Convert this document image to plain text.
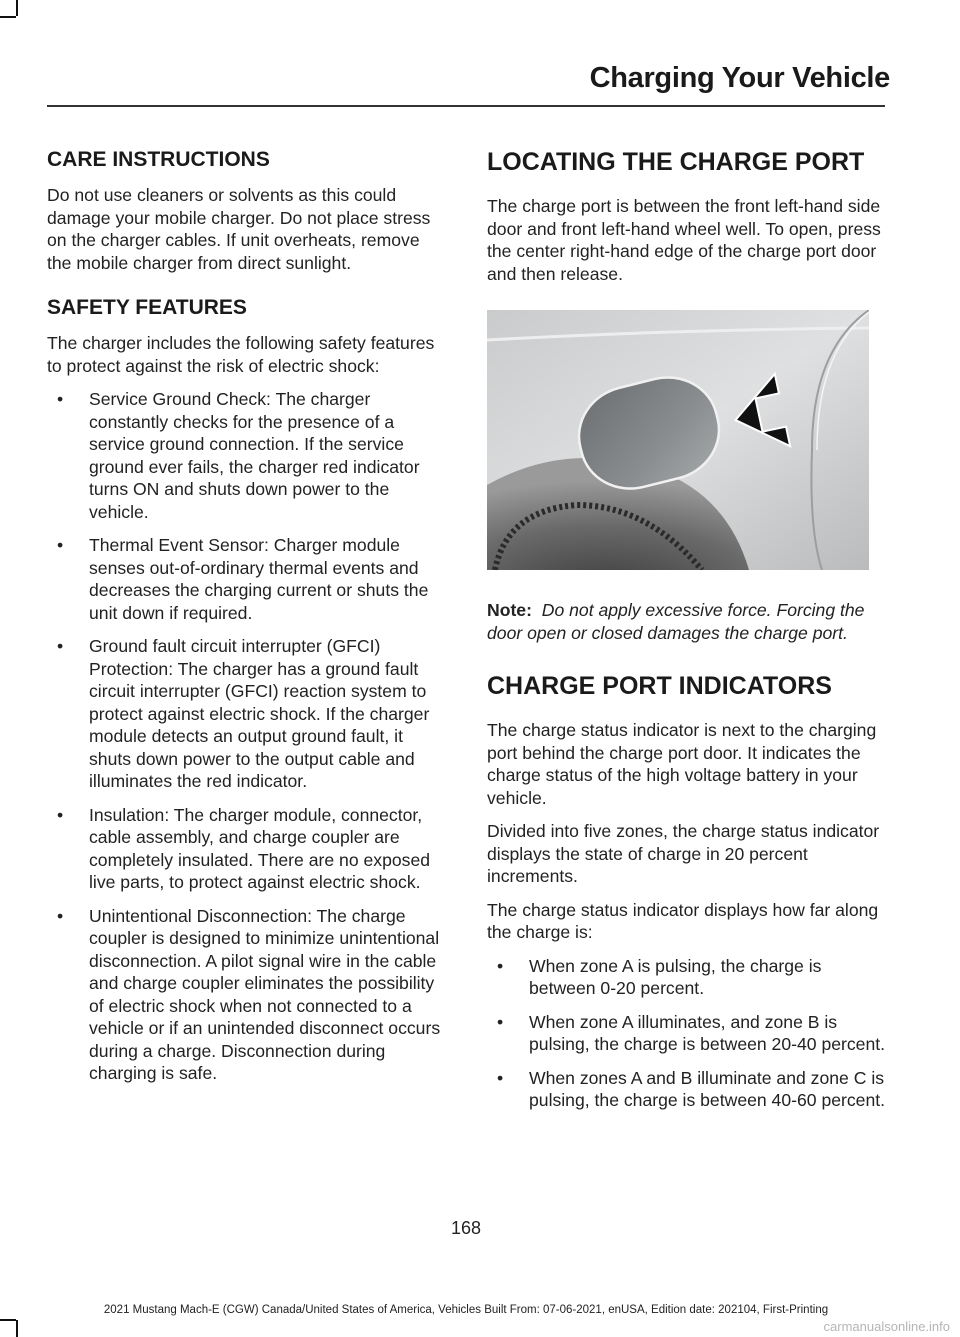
Charging Your Vehicle
CARE INSTRUCTIONS

Do not use cleaners or solvents as this could damage your mobile charger. Do not place stress on the charger cables. If unit overheats, remove the mobile charger from direct sunlight.

SAFETY FEATURES

The charger includes the following safety features to protect against the risk of electric shock:

• Service Ground Check: The charger constantly checks for the presence of a service ground connection. If the service ground ever fails, the charger red indicator turns ON and shuts down power to the vehicle.
• Thermal Event Sensor: Charger module senses out-of-ordinary thermal events and decreases the charging current or shuts the unit down if required.
• Ground fault circuit interrupter (GFCI) Protection: The charger has a ground fault circuit interrupter (GFCI) reaction system to protect against electric shock. If the charger module detects an output ground fault, it shuts down power to the output cable and illuminates the red indicator.
• Insulation: The charger module, connector, cable assembly, and charge coupler are completely insulated. There are no exposed live parts, to protect against electric shock.
• Unintentional Disconnection: The charge coupler is designed to minimize unintentional disconnection. A pilot signal wire in the cable and charge coupler eliminates the possibility of electric shock when not connected to a vehicle or if an unintended disconnect occurs during a charge. Disconnection during charging is safe.
LOCATING THE CHARGE PORT

The charge port is between the front left-hand side door and front left-hand wheel well. To open, press the center right-hand edge of the charge port door and then release.

Note: Do not apply excessive force. Forcing the door open or closed damages the charge port.
CHARGE PORT INDICATORS

The charge status indicator is next to the charging port behind the charge port door. It indicates the charge status of the high voltage battery in your vehicle.

Divided into five zones, the charge status indicator displays the state of charge in 20 percent increments.

The charge status indicator displays how far along the charge is:

• When zone A is pulsing, the charge is between 0-20 percent.
• When zone A illuminates, and zone B is pulsing, the charge is between 20-40 percent.
• When zones A and B illuminate and zone C is pulsing, the charge is between 40-60 percent.
168
2021 Mustang Mach-E (CGW) Canada/United States of America, Vehicles Built From: 07-06-2021, enUSA, Edition date: 202104, First-Printing
carmanualsonline.info
